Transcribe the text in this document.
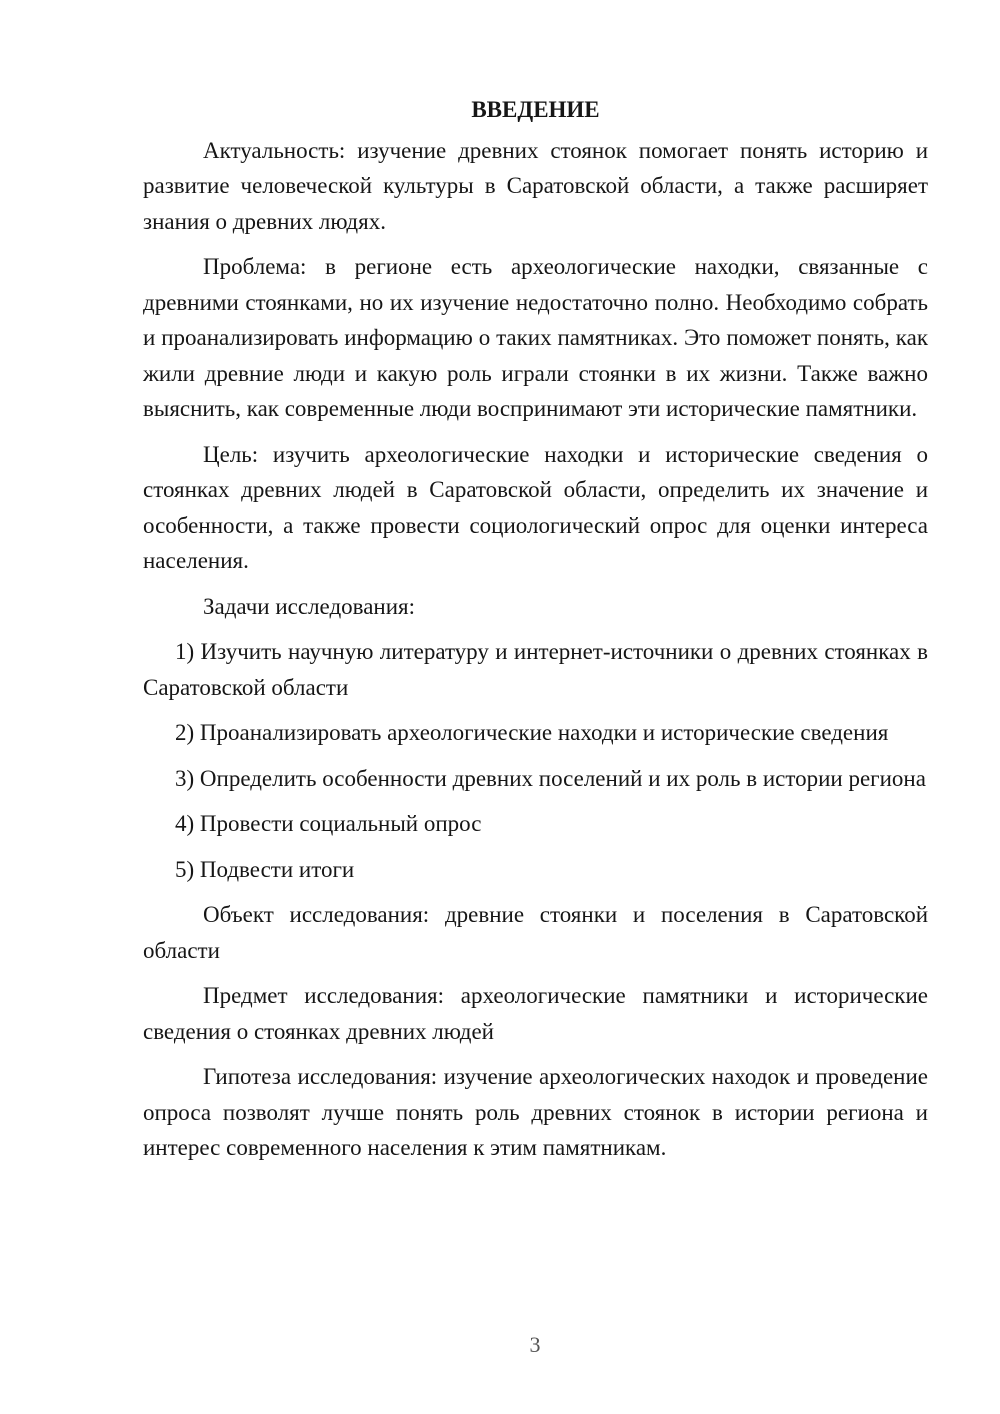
ВВЕДЕНИЕ

Актуальность: изучение древних стоянок помогает понять историю и развитие человеческой культуры в Саратовской области, а также расширяет знания о древних людях.

Проблема: в регионе есть археологические находки, связанные с древними стоянками, но их изучение недостаточно полно. Необходимо собрать и проанализировать информацию о таких памятниках. Это поможет понять, как жили древние люди и какую роль играли стоянки в их жизни. Также важно выяснить, как современные люди воспринимают эти исторические памятники.

Цель: изучить археологические находки и исторические сведения о стоянках древних людей в Саратовской области, определить их значение и особенности, а также провести социологический опрос для оценки интереса населения.

Задачи исследования:

1) Изучить научную литературу и интернет-источники о древних стоянках в Саратовской области

2) Проанализировать археологические находки и исторические сведения

3) Определить особенности древних поселений и их роль в истории региона

4) Провести социальный опрос

5) Подвести итоги

Объект исследования: древние стоянки и поселения в Саратовской области

Предмет исследования: археологические памятники и исторические сведения о стоянках древних людей

Гипотеза исследования: изучение археологических находок и проведение опроса позволят лучше понять роль древних стоянок в истории региона и интерес современного населения к этим памятникам.

3
